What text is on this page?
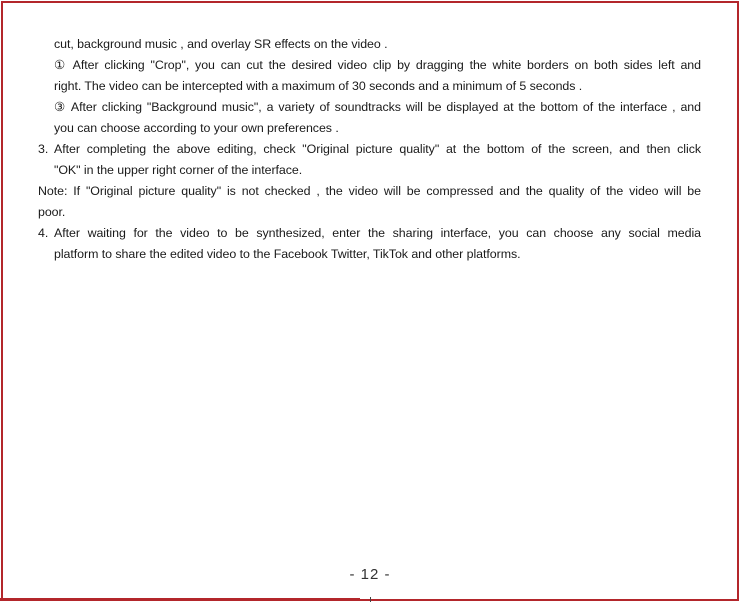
cut, background music , and overlay SR effects on the video .
① After clicking "Crop", you can cut the desired video clip by dragging the white borders on both sides left and
right. The video can be intercepted with a maximum of 30 seconds and a minimum of 5 seconds .
③ After clicking "Background music", a variety of soundtracks will be displayed at the bottom of the interface , and
you can choose according to your own preferences .
3. After completing the above editing, check "Original picture quality" at the bottom of the screen, and then click
"OK" in the upper right corner of the interface.
Note: If "Original picture quality" is not checked , the video will be compressed and the quality of the video will be
poor.
4. After waiting for the video to be synthesized, enter the sharing interface, you can choose any social media
platform to share the edited video to the Facebook Twitter, TikTok and other platforms.
- 12 -
